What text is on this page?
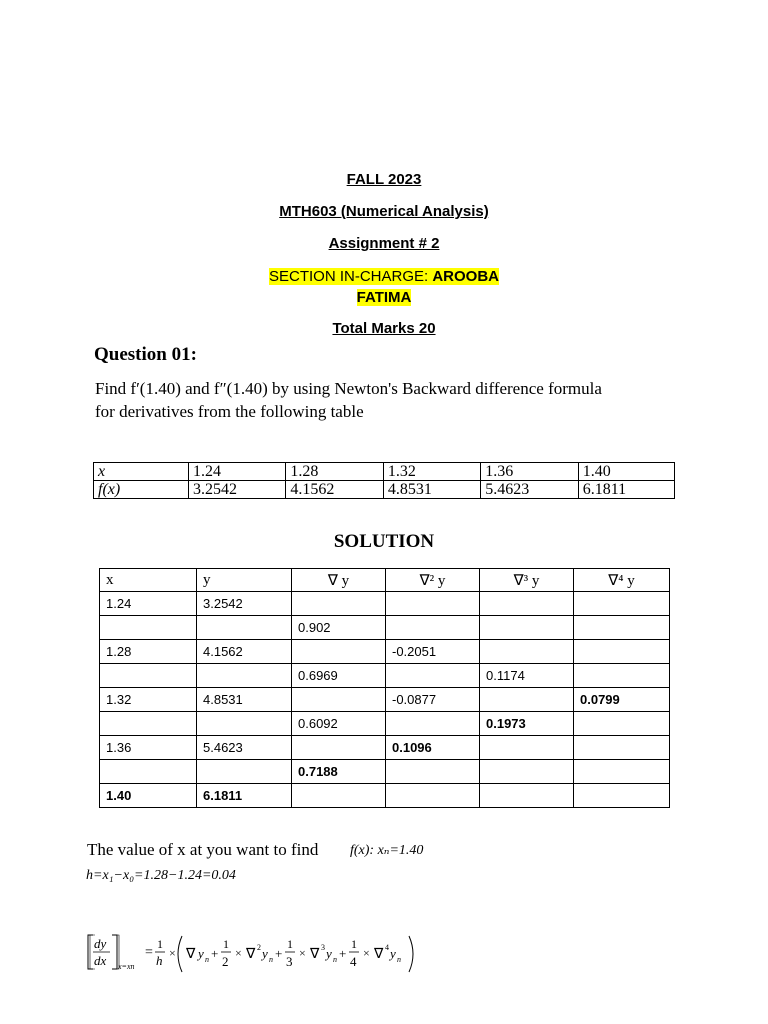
FALL 2023
MTH603 (Numerical Analysis)
Assignment # 2
SECTION IN-CHARGE: AROOBA
FATIMA
Total Marks 20
Question 01:
Find f′(1.40) and f″(1.40) by using Newton's Backward difference formula
for derivatives from the following table
x	1.24	1.28	1.32	1.36	1.40
f(x)	3.2542	4.1562	4.8531	5.4623	6.1811
SOLUTION
x	y	∇ y	∇² y	∇³ y	∇⁴ y
1.24	3.2542				
		0.902			
1.28	4.1562		-0.2051		
		0.6969		0.1174	
1.32	4.8531		-0.0877		0.0799
		0.6092		0.1973	
1.36	5.4623		0.1096		
		0.7188			
1.40	6.1811				
The value of x at you want to find f(x): xₙ=1.40
h=x₁−x₀=1.28−1.24=0.04
dy
dx x=xn
=
1
h × ∇ y n +
1
2
× ∇ 2 y n +
1
3
× ∇ 3 y n +
1
4
× ∇ 4 y n
